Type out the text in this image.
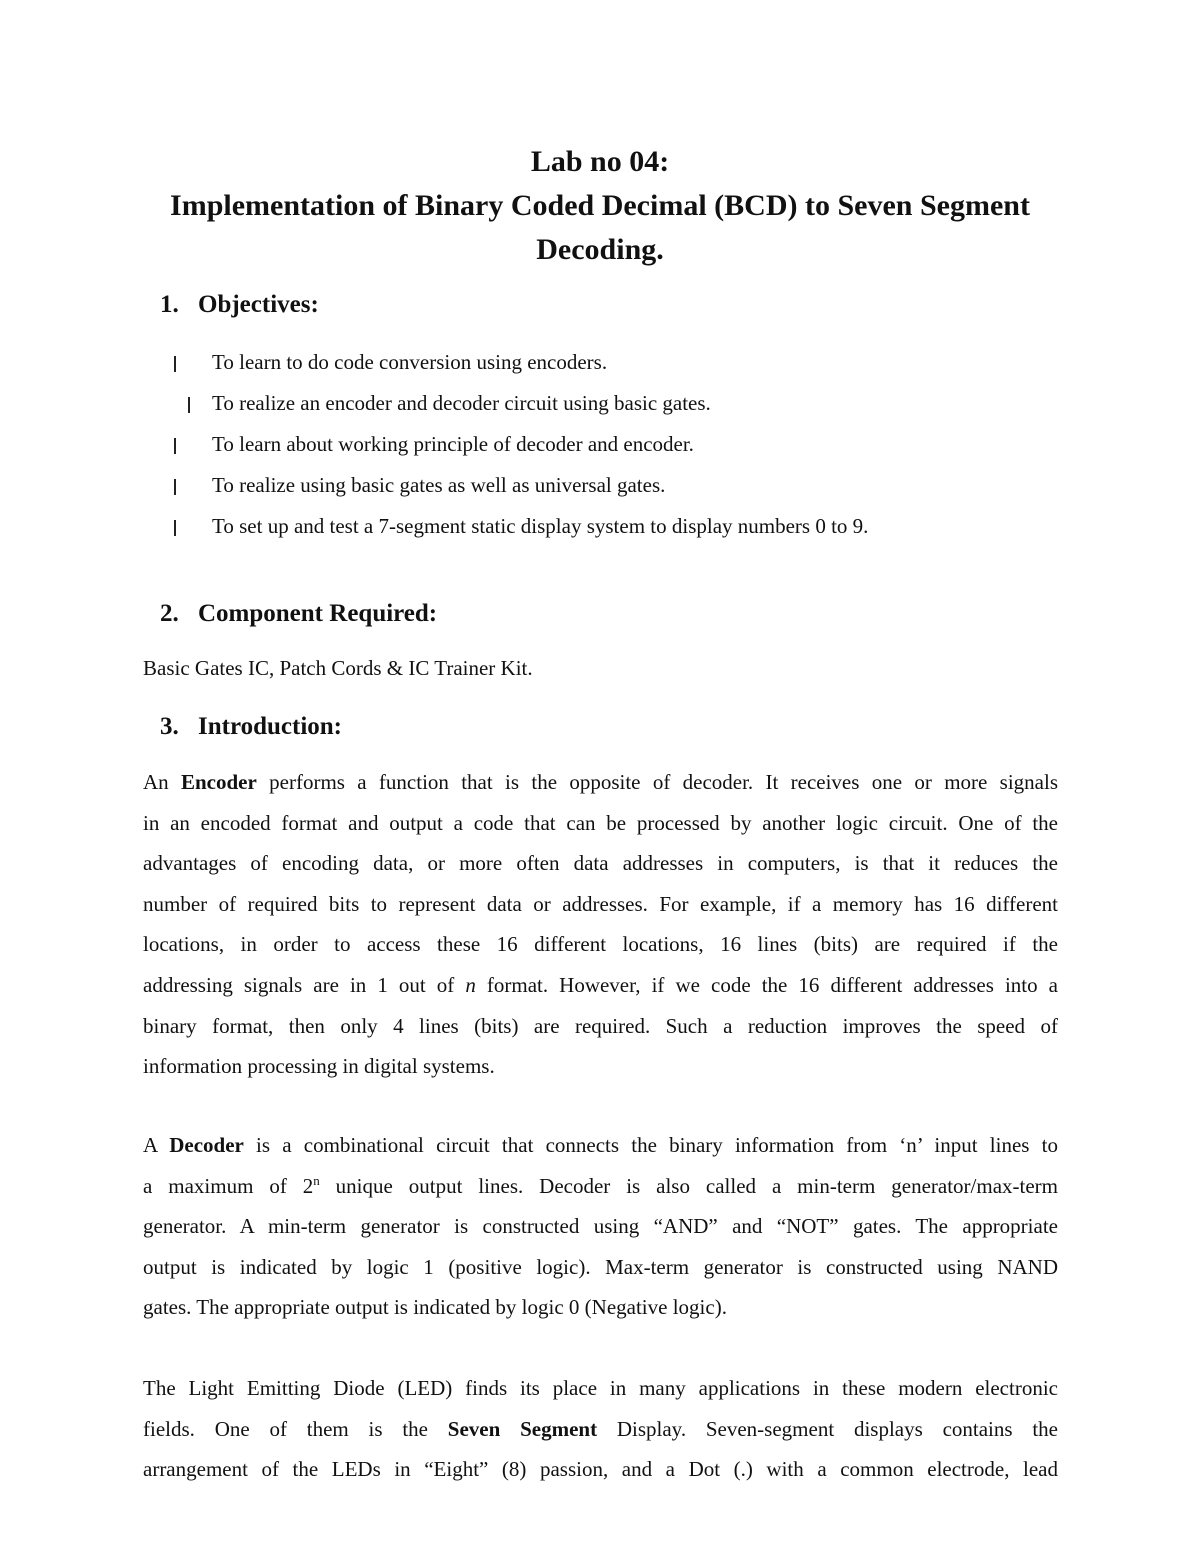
Lab no 04:
Implementation of Binary Coded Decimal (BCD) to Seven Segment
Decoding.
1. Objectives:
To learn to do code conversion using encoders.
To realize an encoder and decoder circuit using basic gates.
To learn about working principle of decoder and encoder.
To realize using basic gates as well as universal gates.
To set up and test a 7-segment static display system to display numbers 0 to 9.
2. Component Required:
Basic Gates IC, Patch Cords & IC Trainer Kit.
3. Introduction:
An Encoder performs a function that is the opposite of decoder. It receives one or more signals
in an encoded format and output a code that can be processed by another logic circuit. One of the
advantages of encoding data, or more often data addresses in computers, is that it reduces the
number of required bits to represent data or addresses. For example, if a memory has 16 different
locations, in order to access these 16 different locations, 16 lines (bits) are required if the
addressing signals are in 1 out of n format. However, if we code the 16 different addresses into a
binary format, then only 4 lines (bits) are required. Such a reduction improves the speed of
information processing in digital systems.
A Decoder is a combinational circuit that connects the binary information from ‘n’ input lines to
a maximum of 2$^n$ unique output lines. Decoder is also called a min-term generator/max-term
generator. A min-term generator is constructed using “AND” and “NOT” gates. The appropriate
output is indicated by logic 1 (positive logic). Max-term generator is constructed using NAND
gates. The appropriate output is indicated by logic 0 (Negative logic).
The Light Emitting Diode (LED) finds its place in many applications in these modern electronic
fields. One of them is the Seven Segment Display. Seven-segment displays contains the
arrangement of the LEDs in “Eight” (8) passion, and a Dot (.) with a common electrode, lead
